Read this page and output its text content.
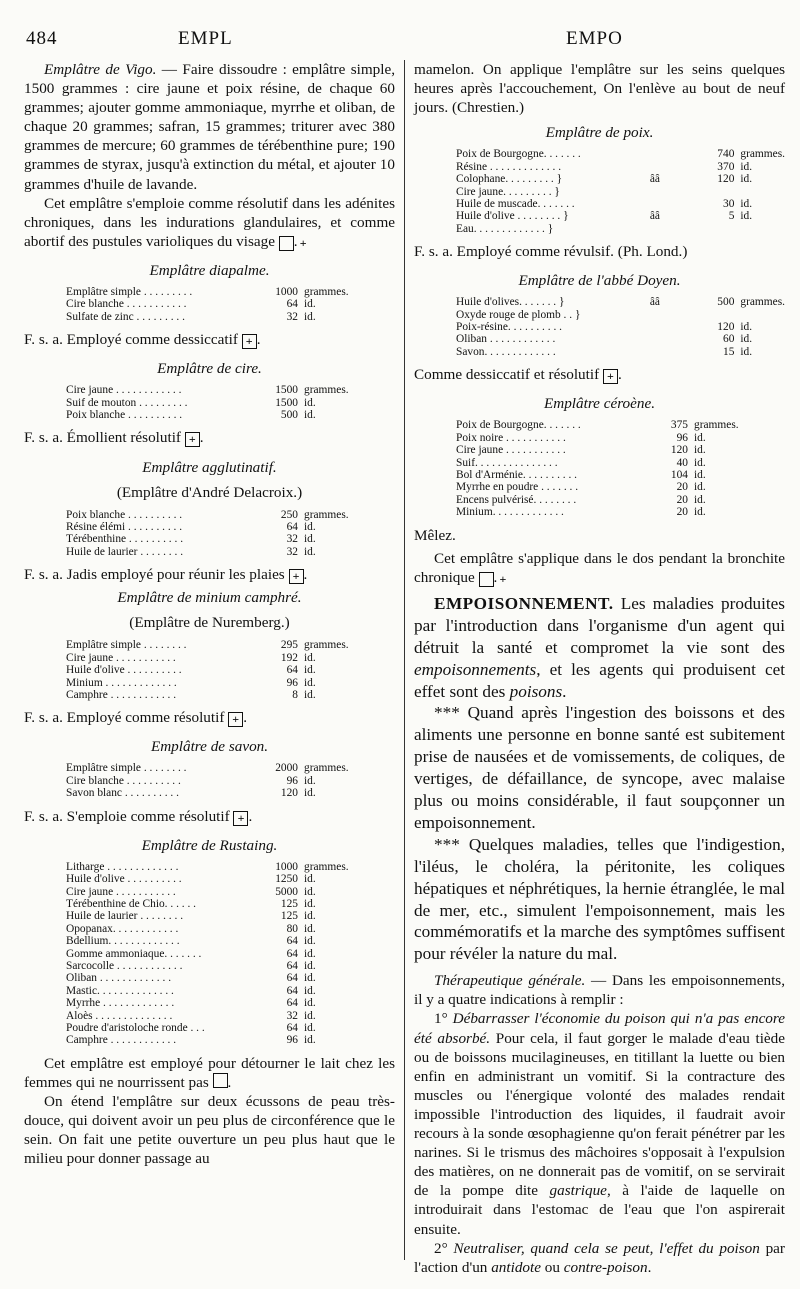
484	EMPL	EMPO

Emplâtre de Vigo. — Faire dissoudre : emplâtre simple, 1500 grammes : cire jaune et poix résine, de chaque 60 grammes; ajouter gomme ammoniaque, myrrhe et oliban, de chaque 20 grammes; safran, 15 grammes; triturer avec 380 grammes de mercure; 60 grammes de térébenthine pure; 190 grammes de styrax, jusqu'à extinction du métal, et ajouter 10 grammes d'huile de lavande.

Cet emplâtre s'emploie comme résolutif dans les adénites chroniques, dans les indurations glandulaires, et comme abortif des pustules varioliques du visage +.

Emplâtre diapalme.
Emplâtre simple . . . . . . . . .	1000	grammes.
Cire blanche . . . . . . . . . . .	64	id.
Sulfate de zinc . . . . . . . . .	32	id.

F. s. a. Employé comme dessiccatif + .

Emplâtre de cire.
Cire jaune . . . . . . . . . . . .	1500	grammes.
Suif de mouton . . . . . . . . .	1500	id.
Poix blanche . . . . . . . . . .	500	id.

F. s. a. Émollient résolutif + .

Emplâtre agglutinatif.
(Emplâtre d'André Delacroix.)
Poix blanche . . . . . . . . . .	250	grammes.
Résine élémi . . . . . . . . . .	64	id.
Térébenthine . . . . . . . . . .	32	id.
Huile de laurier . . . . . . . .	32	id.

F. s. a. Jadis employé pour réunir les plaies + .

Emplâtre de minium camphré.
(Emplâtre de Nuremberg.)
Emplâtre simple . . . . . . . .	295	grammes.
Cire jaune . . . . . . . . . . .	192	id.
Huile d'olive . . . . . . . . . .	64	id.
Minium . . . . . . . . . . . . .	96	id.
Camphre . . . . . . . . . . . .	8	id.

F. s. a. Employé comme résolutif + .

Emplâtre de savon.
Emplâtre simple . . . . . . . .	2000	grammes.
Cire blanche . . . . . . . . . .	96	id.
Savon blanc . . . . . . . . . .	120	id.

F. s. a. S'emploie comme résolutif + .

Emplâtre de Rustaing.
Litharge . . . . . . . . . . . . .	1000	grammes.
Huile d'olive . . . . . . . . . .	1250	id.
Cire jaune . . . . . . . . . . .	5000	id.
Térébenthine de Chio. . . . . .	125	id.
Huile de laurier . . . . . . . .	125	id.
Opopanax. . . . . . . . . . . .	80	id.
Bdellium. . . . . . . . . . . . .	64	id.
Gomme ammoniaque. . . . . . .	64	id.
Sarcocolle . . . . . . . . . . . .	64	id.
Oliban . . . . . . . . . . . . .	64	id.
Mastic. . . . . . . . . . . . . .	64	id.
Myrrhe . . . . . . . . . . . . .	64	id.
Aloès . . . . . . . . . . . . . .	32	id.
Poudre d'aristoloche ronde . . .	64	id.
Camphre . . . . . . . . . . . .	96	id.

Cet emplâtre est employé pour détourner le lait chez les femmes qui ne nourrissent pas .

On étend l'emplâtre sur deux écussons de peau très-douce, qui doivent avoir un peu plus de circonférence que le sein. On fait une petite ouverture un peu plus haut que le milieu pour donner passage au

mamelon. On applique l'emplâtre sur les seins quelques heures après l'accouchement, On l'enlève au bout de neuf jours. (Chrestien.)

Emplâtre de poix.
Poix de Bourgogne. . . . . . .		740	grammes.
Résine . . . . . . . . . . . . .		370	id.
Colophane. . . . . . . . . }	ââ	120	id.
Cire jaune. . . . . . . . . }			
Huile de muscade. . . . . . .		30	id.
Huile d'olive . . . . . . . . }	ââ	5	id.
Eau. . . . . . . . . . . . . }			

F. s. a. Employé comme révulsif. (Ph. Lond.)

Emplâtre de l'abbé Doyen.
Huile d'olives. . . . . . . }	ââ	500	grammes.
Oxyde rouge de plomb . . }			
Poix-résine. . . . . . . . . .		120	id.
Oliban . . . . . . . . . . . .		60	id.
Savon. . . . . . . . . . . . .		15	id.

Comme dessiccatif et résolutif + .

Emplâtre céroène.
Poix de Bourgogne. . . . . . .	375	grammes.
Poix noire . . . . . . . . . . .	96	id.
Cire jaune . . . . . . . . . . .	120	id.
Suif. . . . . . . . . . . . . . .	40	id.
Bol d'Arménie. . . . . . . . . .	104	id.
Myrrhe en poudre . . . . . . .	20	id.
Encens pulvérisé. . . . . . . .	20	id.
Minium. . . . . . . . . . . . .	20	id.

Mêlez.

Cet emplâtre s'applique dans le dos pendant la bronchite chronique +.

EMPOISONNEMENT. Les maladies produites par l'introduction dans l'organisme d'un agent qui détruit la santé et compromet la vie sont des empoisonnements, et les agents qui produisent cet effet sont des poisons.

*** Quand après l'ingestion des boissons et des aliments une personne en bonne santé est subitement prise de nausées et de vomissements, de coliques, de vertiges, de défaillance, de syncope, avec malaise plus ou moins considérable, il faut soupçonner un empoisonnement.

*** Quelques maladies, telles que l'indigestion, l'iléus, le choléra, la péritonite, les coliques hépatiques et néphrétiques, la hernie étranglée, le mal de mer, etc., simulent l'empoisonnement, mais les commémoratifs et la marche des symptômes suffisent pour révéler la nature du mal.

Thérapeutique générale. — Dans les empoisonnements, il y a quatre indications à remplir :

1° Débarrasser l'économie du poison qui n'a pas encore été absorbé. Pour cela, il faut gorger le malade d'eau tiède ou de boissons mucilagineuses, en titillant la luette ou bien enfin en administrant un vomitif. Si la contracture des muscles ou l'énergique volonté des malades rendait impossible l'introduction des liquides, il faudrait avoir recours à la sonde œsophagienne qu'on ferait pénétrer par les narines. Si le trismus des mâchoires s'opposait à l'expulsion des matières, on ne donnerait pas de vomitif, on se servirait de la pompe dite gastrique, à l'aide de laquelle on introduirait dans l'estomac de l'eau que l'on aspirerait ensuite.

2° Neutraliser, quand cela se peut, l'effet du poison par l'action d'un antidote ou contre-poison.
